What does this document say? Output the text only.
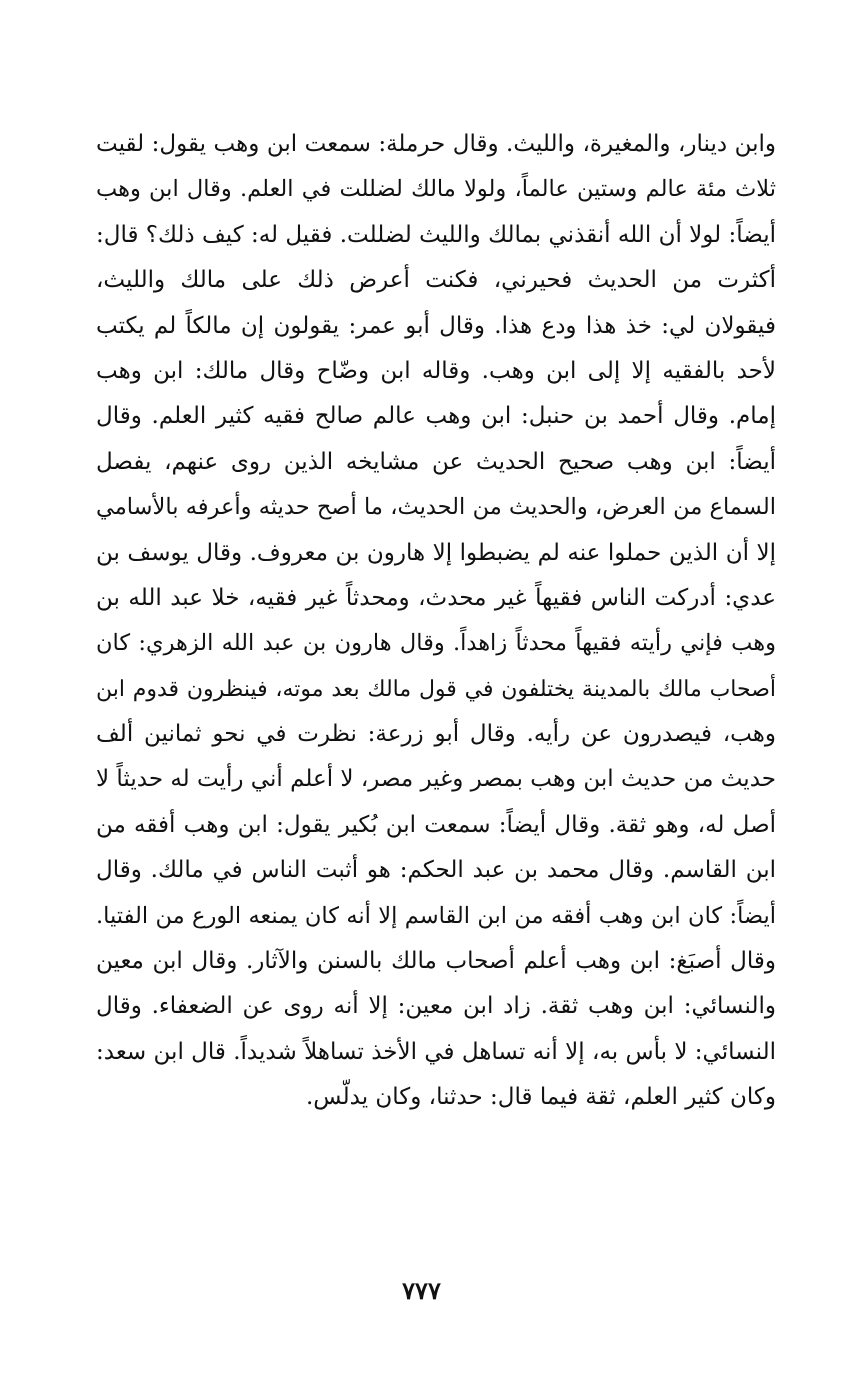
وابن دينار، والمغيرة، والليث. وقال حرملة: سمعت ابن وهب يقول: لقيت
ثلاث مئة عالم وستين عالماً، ولولا مالك لضللت في العلم. وقال ابن وهب
أيضاً: لولا أن الله أنقذني بمالك والليث لضللت. فقيل له: كيف ذلك؟ قال:
أكثرت من الحديث فحيرني، فكنت أعرض ذلك على مالك والليث،
فيقولان لي: خذ هذا ودع هذا. وقال أبو عمر: يقولون إن مالكاً لم يكتب
لأحد بالفقيه إلا إلى ابن وهب. وقاله ابن وضّاح وقال مالك: ابن وهب
إمام. وقال أحمد بن حنبل: ابن وهب عالم صالح فقيه كثير العلم. وقال
أيضاً: ابن وهب صحيح الحديث عن مشايخه الذين روى عنهم، يفصل
السماع من العرض، والحديث من الحديث، ما أصح حديثه وأعرفه بالأسامي
إلا أن الذين حملوا عنه لم يضبطوا إلا هارون بن معروف. وقال يوسف بن
عدي: أدركت الناس فقيهاً غير محدث، ومحدثاً غير فقيه، خلا عبد الله بن
وهب فإني رأيته فقيهاً محدثاً زاهداً. وقال هارون بن عبد الله الزهري: كان
أصحاب مالك بالمدينة يختلفون في قول مالك بعد موته، فينظرون قدوم ابن
وهب، فيصدرون عن رأيه. وقال أبو زرعة: نظرت في نحو ثمانين ألف
حديث من حديث ابن وهب بمصر وغير مصر، لا أعلم أني رأيت له حديثاً لا
أصل له، وهو ثقة. وقال أيضاً: سمعت ابن بُكير يقول: ابن وهب أفقه من
ابن القاسم. وقال محمد بن عبد الحكم: هو أثبت الناس في مالك. وقال
أيضاً: كان ابن وهب أفقه من ابن القاسم إلا أنه كان يمنعه الورع من الفتيا.
وقال أصبَغ: ابن وهب أعلم أصحاب مالك بالسنن والآثار. وقال ابن معين
والنسائي: ابن وهب ثقة. زاد ابن معين: إلا أنه روى عن الضعفاء. وقال
النسائي: لا بأس به، إلا أنه تساهل في الأخذ تساهلاً شديداً. قال ابن سعد:
وكان كثير العلم، ثقة فيما قال: حدثنا، وكان يدلّس.
٧٧٧
